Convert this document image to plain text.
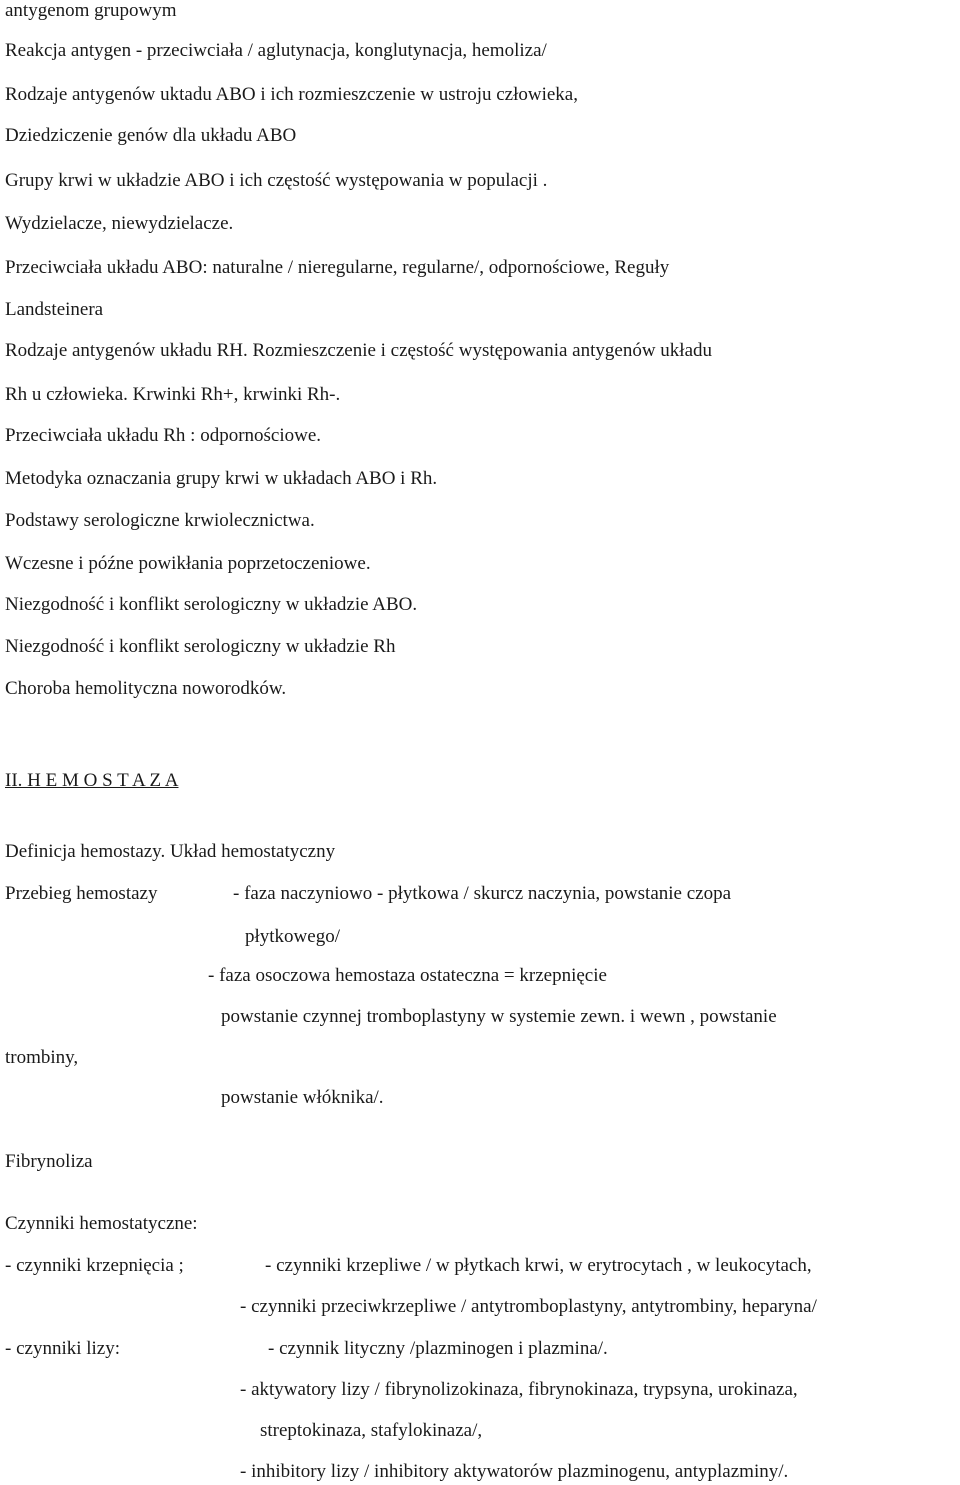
antygenom grupowym
Reakcja antygen - przeciwciała / aglutynacja, konglutynacja, hemoliza/
Rodzaje antygenów uktadu ABO i ich rozmieszczenie w ustroju człowieka,
Dziedziczenie genów dla układu ABO
Grupy krwi w układzie ABO i ich częstość występowania w populacji .
Wydzielacze, niewydzielacze.
Przeciwciała układu ABO: naturalne / nieregularne, regularne/, odpornościowe, Reguły
Landsteinera
Rodzaje antygenów układu RH. Rozmieszczenie i częstość występowania antygenów układu
Rh u człowieka. Krwinki Rh+, krwinki Rh-.
Przeciwciała układu Rh : odpornościowe.
Metodyka oznaczania grupy krwi w układach ABO i Rh.
Podstawy serologiczne krwiolecznictwa.
Wczesne i późne powikłania poprzetoczeniowe.
Niezgodność i konflikt serologiczny w układzie ABO.
Niezgodność i konflikt serologiczny w układzie Rh
Choroba hemolityczna noworodków.
II. H E M O S T A Z A
Definicja hemostazy. Układ hemostatyczny
Przebieg hemostazy	- faza naczyniowo - płytkowa / skurcz naczynia, powstanie czopa
płytkowego/
- faza osoczowa hemostaza ostateczna = krzepnięcie
powstanie czynnej tromboplastyny w systemie zewn. i wewn , powstanie
trombiny,
powstanie włóknika/.
Fibrynoliza
Czynniki hemostatyczne:
- czynniki krzepnięcia ;	- czynniki krzepliwe / w płytkach krwi, w erytrocytach , w leukocytach,
- czynniki przeciwkrzepliwe / antytromboplastyny, antytrombiny, heparyna/
- czynniki lizy:	- czynnik lityczny /plazminogen i plazmina/.
- aktywatory lizy / fibrynolizokinaza, fibrynokinaza, trypsyna, urokinaza,
streptokinaza, stafylokinaza/,
- inhibitory lizy / inhibitory aktywatorów plazminogenu, antyplazminy/.
